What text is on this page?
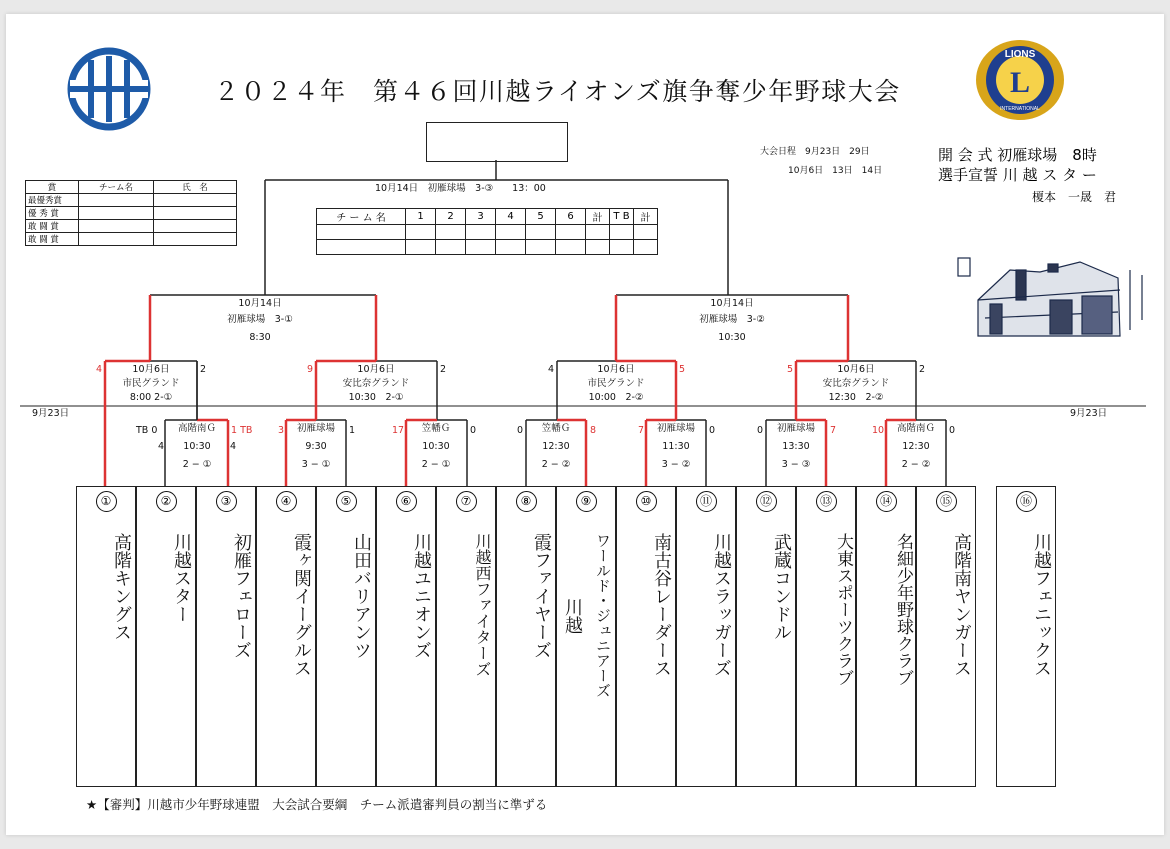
L
LIONS
INTERNATIONAL
２０２４年　第４６回川越ライオンズ旗争奪少年野球大会
10月14日　初雁球場　3-③　　13：00
大会日程　9月23日　29日
10月6日　13日　14日
開 会 式 初雁球場　8時
選手宣誓 川 越 ス タ ー
榎本　一晟　君
賞	チーム名	氏　名
最優秀賞		
優 秀 賞		
敢 闘 賞		
敢 闘 賞		
チ ー ム 名	1	2	3	4	5	6	計	T B	計

10月14日
初雁球場　3-①
8:30
10月14日
初雁球場　3-②
10:30
10月6日
市民グランド
8:00 2-①
4	2	10月6日
安比奈グランド
10:30　2-①
9	2	10月6日
市民グランド
10:00　2-②
4	5	10月6日
安比奈グランド
12:30　2-②
5	2
9月23日	9月23日
高階南Ｇ
10:30
2 − ①
TB 0	1 TB
4	4
初雁球場
9:30
3 − ①
3	1	笠幡Ｇ
10:30
2 − ①
17	0	笠幡Ｇ
12:30
2 − ②
0	8	初雁球場
11:30
3 − ②
7	0	初雁球場
13:30
3 − ③
0	7	高階南Ｇ
12:30
2 − ②
10	0
①
高階キングス
②
川越スター
③
初雁フェローズ
④
霞ヶ関イーグルス
⑤
山田バリアンツ
⑥
川越ユニオンズ
⑦
川越西ファイターズ
⑧
霞ファイヤーズ
⑨
川越 ワールド・ジュニアーズ
⑩
南古谷レーダース
⑪
川越スラッガーズ
⑫
武蔵コンドル
⑬
大東スポーツクラブ
⑭
名細少年野球クラブ
⑮
高階南ヤンガース
⑯
川越フェニックス
★【審判】川越市少年野球連盟　大会試合要綱　チーム派遣審判員の割当に準ずる
